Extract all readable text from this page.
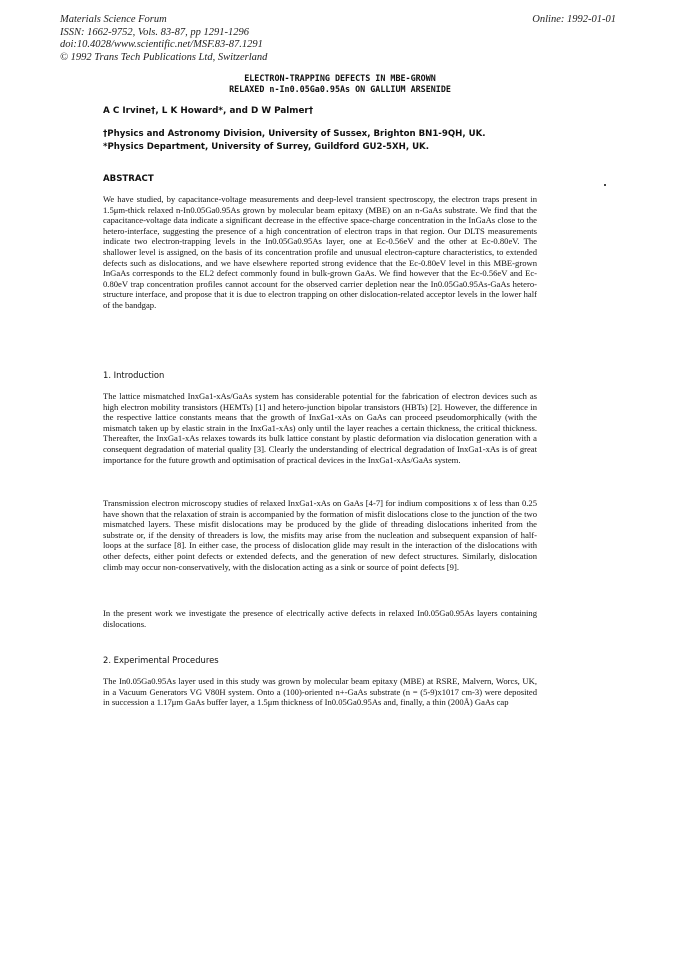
Materials Science Forum
ISSN: 1662-9752, Vols. 83-87, pp 1291-1296
doi:10.4028/www.scientific.net/MSF.83-87.1291
© 1992 Trans Tech Publications Ltd, Switzerland
Online: 1992-01-01
ELECTRON-TRAPPING DEFECTS IN MBE-GROWN
RELAXED n-In0.05Ga0.95As ON GALLIUM ARSENIDE
A C Irvine†, L K Howard*, and D W Palmer†
†Physics and Astronomy Division, University of Sussex, Brighton BN1-9QH, UK.
*Physics Department, University of Surrey, Guildford GU2-5XH, UK.
ABSTRACT
We have studied, by capacitance-voltage measurements and deep-level transient spectroscopy, the electron traps present in 1.5μm-thick relaxed n-In0.05Ga0.95As grown by molecular beam epitaxy (MBE) on an n-GaAs substrate. We find that the capacitance-voltage data indicate a significant decrease in the effective space-charge concentration in the InGaAs close to the hetero-interface, suggesting the presence of a high concentration of electron traps in that region. Our DLTS measurements indicate two electron-trapping levels in the In0.05Ga0.95As layer, one at Ec-0.56eV and the other at Ec-0.80eV. The shallower level is assigned, on the basis of its concentration profile and unusual electron-capture characteristics, to extended defects such as dislocations, and we have elsewhere reported strong evidence that the Ec-0.80eV level in this MBE-grown InGaAs corresponds to the EL2 defect commonly found in bulk-grown GaAs. We find however that the Ec-0.56eV and Ec-0.80eV trap concentration profiles cannot account for the observed carrier depletion near the In0.05Ga0.95As-GaAs hetero-structure interface, and propose that it is due to electron trapping on other dislocation-related acceptor levels in the lower half of the bandgap.
1. Introduction
The lattice mismatched InxGa1-xAs/GaAs system has considerable potential for the fabrication of electron devices such as high electron mobility transistors (HEMTs) [1] and hetero-junction bipolar transistors (HBTs) [2]. However, the difference in the respective lattice constants means that the growth of InxGa1-xAs on GaAs can proceed pseudomorphically (with the mismatch taken up by elastic strain in the InxGa1-xAs) only until the layer reaches a certain thickness, the critical thickness. Thereafter, the InxGa1-xAs relaxes towards its bulk lattice constant by plastic deformation via dislocation generation with a consequent degradation of material quality [3]. Clearly the understanding of electrical degradation of InxGa1-xAs is of great importance for the future growth and optimisation of practical devices in the InxGa1-xAs/GaAs system.
Transmission electron microscopy studies of relaxed InxGa1-xAs on GaAs [4-7] for indium compositions x of less than 0.25 have shown that the relaxation of strain is accompanied by the formation of misfit dislocations close to the junction of the two mismatched layers. These misfit dislocations may be produced by the glide of threading dislocations inherited from the substrate or, if the density of threaders is low, the misfits may arise from the nucleation and subsequent expansion of half-loops at the surface [8]. In either case, the process of dislocation glide may result in the interaction of the dislocations with other defects, either point defects or extended defects, and the generation of new defect structures. Similarly, dislocation climb may occur non-conservatively, with the dislocation acting as a sink or source of point defects [9].
In the present work we investigate the presence of electrically active defects in relaxed In0.05Ga0.95As layers containing dislocations.
2. Experimental Procedures
The In0.05Ga0.95As layer used in this study was grown by molecular beam epitaxy (MBE) at RSRE, Malvern, Worcs, UK, in a Vacuum Generators VG V80H system. Onto a (100)-oriented n+-GaAs substrate (n = (5-9)x1017 cm-3) were deposited in succession a 1.17μm GaAs buffer layer, a 1.5μm thickness of In0.05Ga0.95As and, finally, a thin (200Å) GaAs cap
